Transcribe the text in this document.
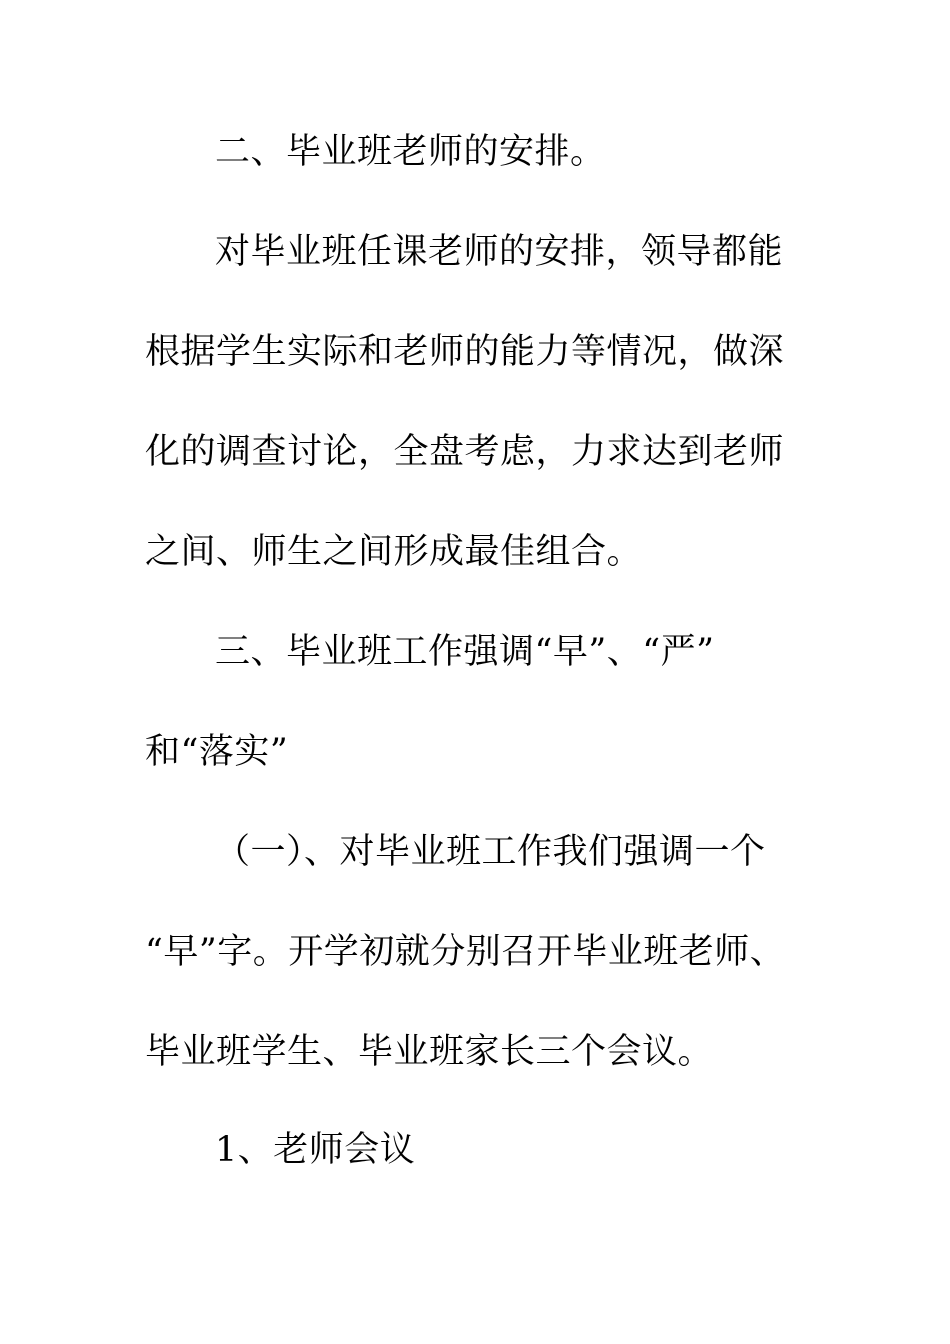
二、毕业班老师的安排。
对毕业班任课老师的安排，领导都能
根据学生实际和老师的能力等情况，做深
化的调查讨论，全盘考虑，力求达到老师
之间、师生之间形成最佳组合。
三、毕业班工作强调“早”、“严”
和“落实”
（一）、对毕业班工作我们强调一个
“早”字。开学初就分别召开毕业班老师、
毕业班学生、毕业班家长三个会议。
1、老师会议
